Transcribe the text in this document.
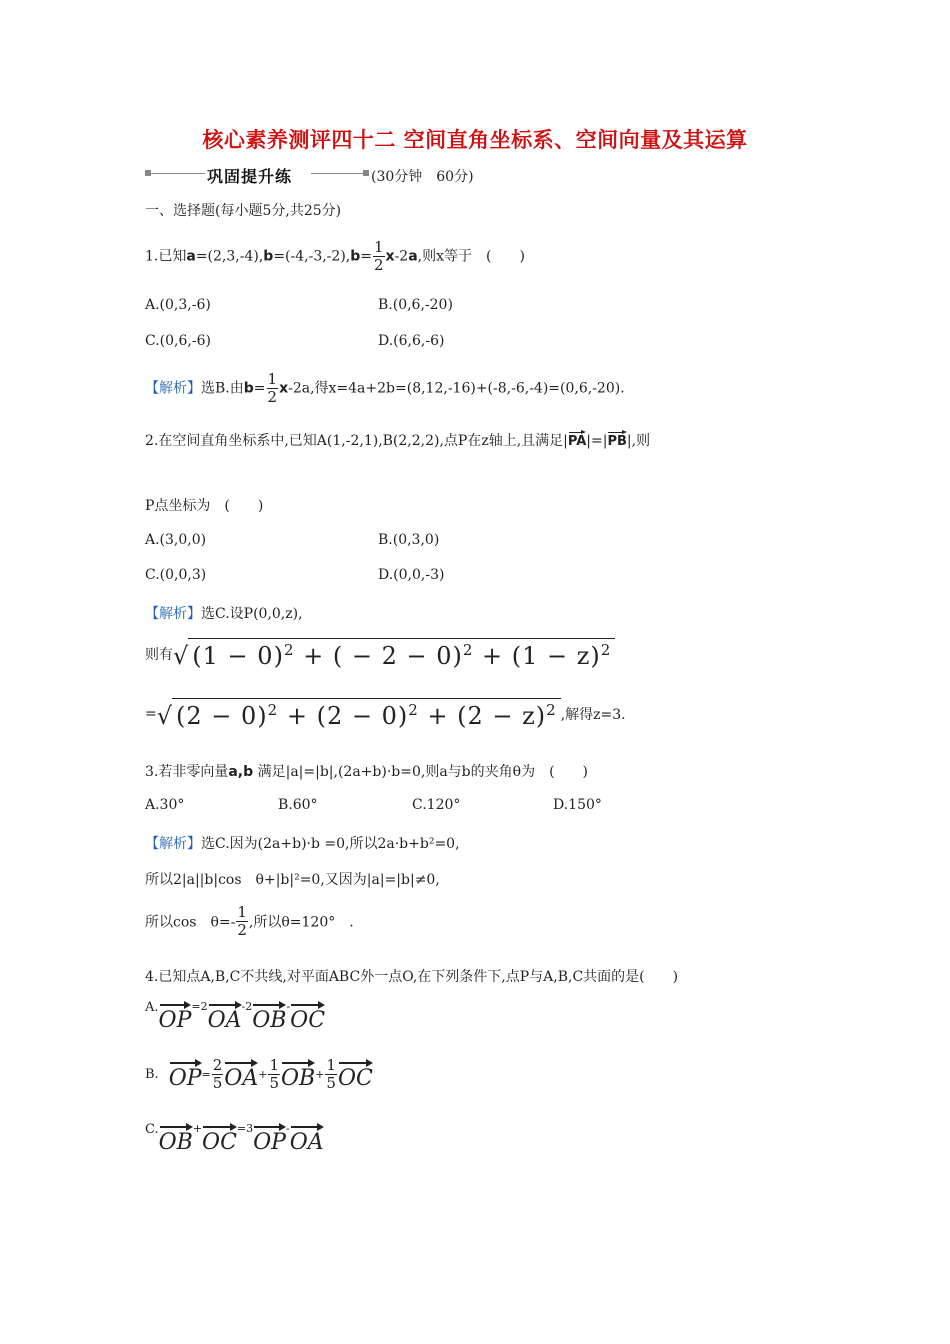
核心素养测评四十二 空间直角坐标系、空间向量及其运算
巩固提升练	(30分钟　60分)
一、选择题(每小题5分,共25分)
1.已知$a=(2,3,-4),b=(-4,-3,-2),b= \frac{1}{2} x-2a$,则x等于　(　　)
A.(0,3,-6)	B.(0,6,-20)
C.(0,6,-6)	D.(6,6,-6)
【解析】选B.由$b= \frac{1}{2} x-2a$,得x=4a+2b=(8,12,-16)+(-8,-6,-4)=(0,6,-20).
2.在空间直角坐标系中,已知A(1,-2,1),B(2,2,2),点P在z轴上,且满足|PA|=|PB|,则
P点坐标为　(　　)
A.(3,0,0)	B.(0,3,0)
C.(0,0,3)	D.(0,0,-3)
【解析】选C.设P(0,0,z),
则有√ $(1 - 0)^2$ + ( − $2 - 0)^2 + (1 - z)^2$
=√ $(2 - 0)^2 + (2 - 0)^2 + (2 - z)^2$ ,解得z=3.
3.若非零向量a,b 满足|a|=|b|,(2a+b)·b=0,则a与b的夹角θ为　(　　)
A.30°	B.60°	C.120°	D.150°
【解析】选C.因为(2a+b)·b =0,所以2a·b+b²=0,
所以2|a||b|cos　θ+|b|²=0,又因为|a|=|b|≠0,
所以cos　$\theta=- \frac{1}{2}$ ,所以θ=120°　.
4.已知点A,B,C不共线,对平面ABC外一点O,在下列条件下,点P与A,B,C共面的是(　　)
$A.OP^{=2}OA^{-2}OB^-OC$
B. $OP= \frac{2}{5} OA+ \frac{1}{5} OB+ \frac{1}{5}$ OC
$C.OB^+OC^{=3}OP^-OA$
